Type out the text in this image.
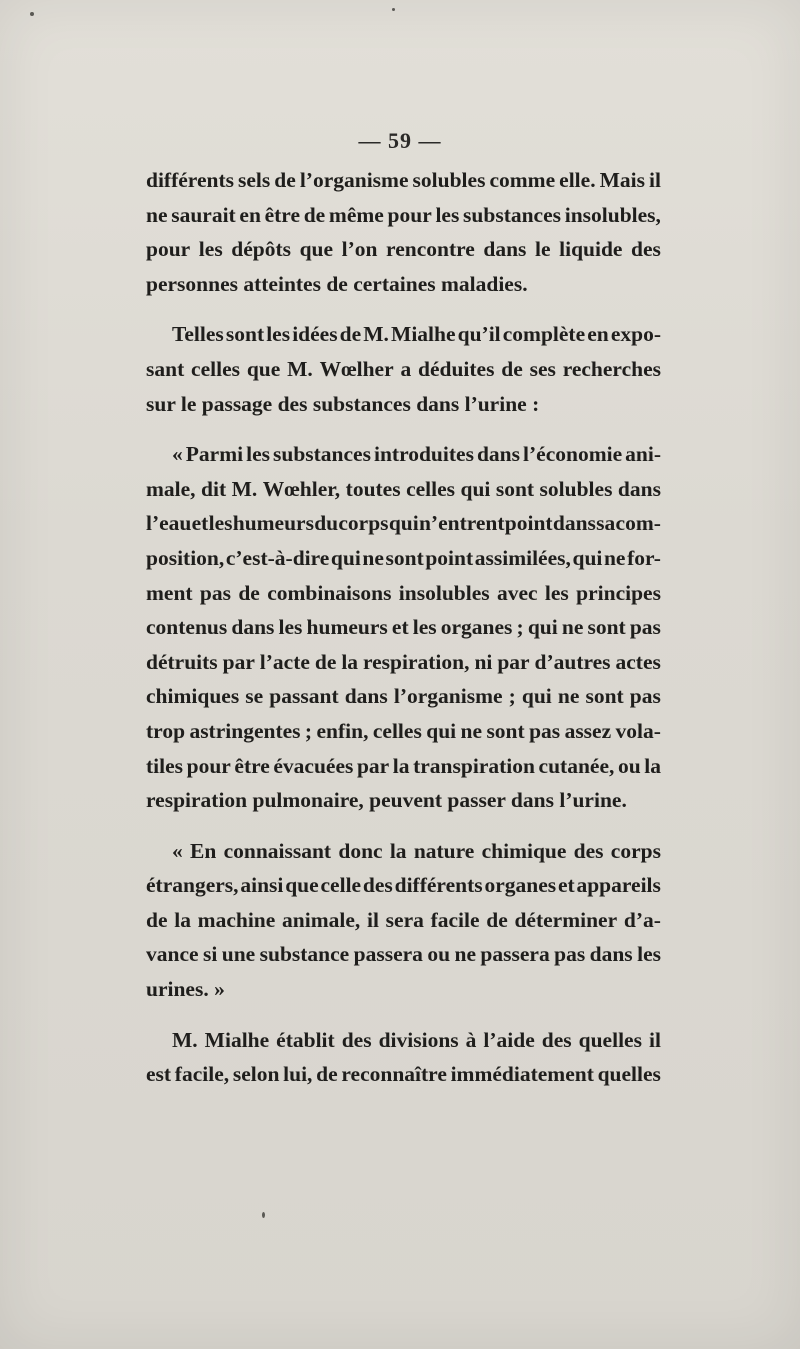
— 59 —
différents sels de l’organisme solubles comme elle. Mais il
ne saurait en être de même pour les substances insolubles,
pour les dépôts que l’on rencontre dans le liquide des
personnes atteintes de certaines maladies.
Telles sont les idées de M. Mialhe qu’il complète en expo-
sant celles que M. Wœlher a déduites de ses recherches
sur le passage des substances dans l’urine :
« Parmi les substances introduites dans l’économie ani-
male, dit M. Wœhler, toutes celles qui sont solubles dans
l’eau et les humeurs du corps qui n’entrent point dans sa com-
position, c’est-à-dire qui ne sont point assimilées, qui ne for-
ment pas de combinaisons insolubles avec les principes
contenus dans les humeurs et les organes ; qui ne sont pas
détruits par l’acte de la respiration, ni par d’autres actes
chimiques se passant dans l’organisme ; qui ne sont pas
trop astringentes ; enfin, celles qui ne sont pas assez vola-
tiles pour être évacuées par la transpiration cutanée, ou la
respiration pulmonaire, peuvent passer dans l’urine.
« En connaissant donc la nature chimique des corps
étrangers, ainsi que celle des différents organes et appareils
de la machine animale, il sera facile de déterminer d’a-
vance si une substance passera ou ne passera pas dans les
urines. »
M. Mialhe établit des divisions à l’aide des quelles il
est facile, selon lui, de reconnaître immédiatement quelles
